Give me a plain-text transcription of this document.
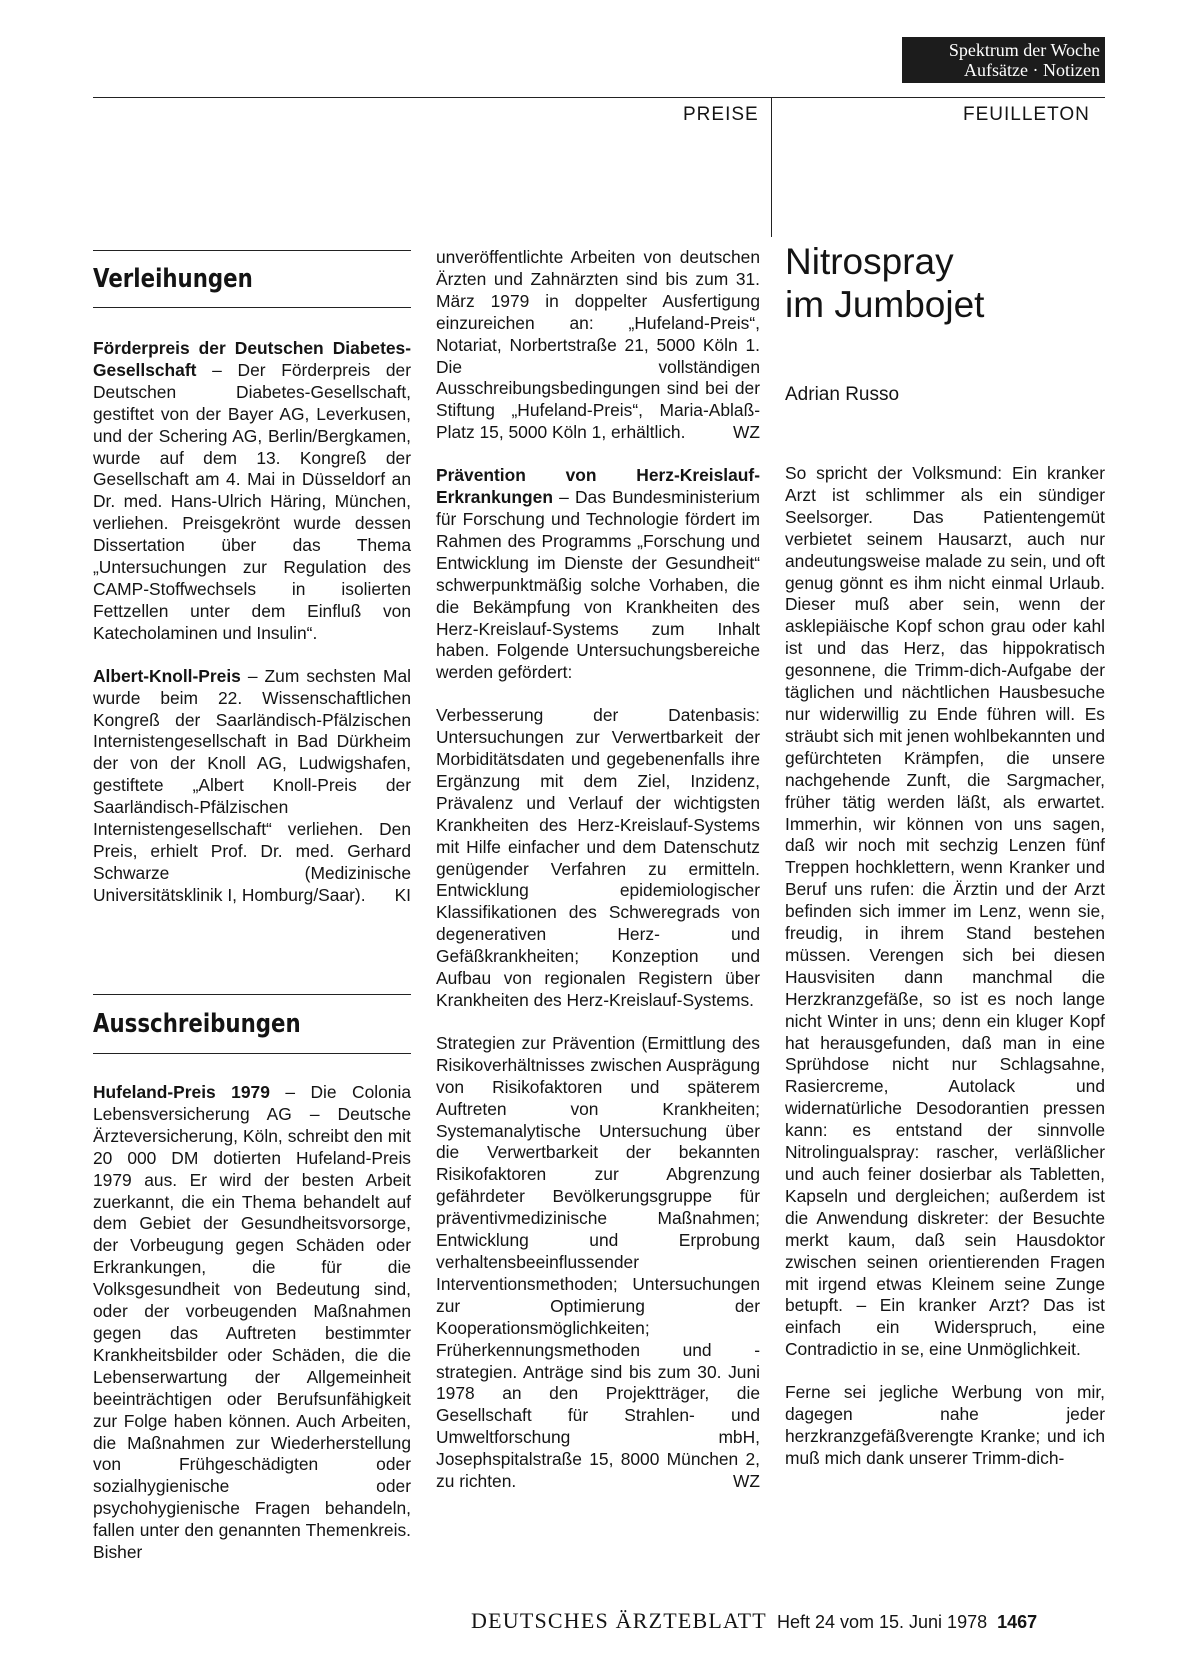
Spektrum der Woche
Aufsätze · Notizen
PREISE	FEUILLETON
Verleihungen

Förderpreis der Deutschen Diabetes-Gesellschaft – Der Förderpreis der Deutschen Diabetes-Gesellschaft, gestiftet von der Bayer AG, Leverkusen, und der Schering AG, Berlin/Bergkamen, wurde auf dem 13. Kongreß der Gesellschaft am 4. Mai in Düsseldorf an Dr. med. Hans-Ulrich Häring, München, verliehen. Preisgekrönt wurde dessen Dissertation über das Thema „Untersuchungen zur Regulation des CAMP-Stoffwechsels in isolierten Fettzellen unter dem Einfluß von Katecholaminen und Insulin“.

Albert-Knoll-Preis – Zum sechsten Mal wurde beim 22. Wissenschaftlichen Kongreß der Saarländisch-Pfälzischen Internistengesellschaft in Bad Dürkheim der von der Knoll AG, Ludwigshafen, gestiftete „Albert Knoll-Preis der Saarländisch-Pfälzischen Internistengesellschaft“ verliehen. Den Preis, erhielt Prof. Dr. med. Gerhard Schwarze (Medizinische Universitätsklinik I, Homburg/Saar). KI

Ausschreibungen

Hufeland-Preis 1979 – Die Colonia Lebensversicherung AG – Deutsche Ärzteversicherung, Köln, schreibt den mit 20 000 DM dotierten Hufeland-Preis 1979 aus. Er wird der besten Arbeit zuerkannt, die ein Thema behandelt auf dem Gebiet der Gesundheitsvorsorge, der Vorbeugung gegen Schäden oder Erkrankungen, die für die Volksgesundheit von Bedeutung sind, oder der vorbeugenden Maßnahmen gegen das Auftreten bestimmter Krankheitsbilder oder Schäden, die die Lebenserwartung der Allgemeinheit beeinträchtigen oder Berufsunfähigkeit zur Folge haben können. Auch Arbeiten, die Maßnahmen zur Wiederherstellung von Frühgeschädigten oder sozialhygienische oder psychohygienische Fragen behandeln, fallen unter den genannten Themenkreis. Bisher

unveröffentlichte Arbeiten von deutschen Ärzten und Zahnärzten sind bis zum 31. März 1979 in doppelter Ausfertigung einzureichen an: „Hufeland-Preis“, Notariat, Norbertstraße 21, 5000 Köln 1. Die vollständigen Ausschreibungsbedingungen sind bei der Stiftung „Hufeland-Preis“, Maria-Ablaß-Platz 15, 5000 Köln 1, erhältlich.	WZ

Prävention von Herz-Kreislauf-Erkrankungen – Das Bundesministerium für Forschung und Technologie fördert im Rahmen des Programms „Forschung und Entwicklung im Dienste der Gesundheit“ schwerpunktmäßig solche Vorhaben, die die Bekämpfung von Krankheiten des Herz-Kreislauf-Systems zum Inhalt haben. Folgende Untersuchungsbereiche werden gefördert:

Verbesserung der Datenbasis: Untersuchungen zur Verwertbarkeit der Morbiditätsdaten und gegebenenfalls ihre Ergänzung mit dem Ziel, Inzidenz, Prävalenz und Verlauf der wichtigsten Krankheiten des Herz-Kreislauf-Systems mit Hilfe einfacher und dem Datenschutz genügender Verfahren zu ermitteln. Entwicklung epidemiologischer Klassifikationen des Schweregrads von degenerativen Herz- und Gefäßkrankheiten; Konzeption und Aufbau von regionalen Registern über Krankheiten des Herz-Kreislauf-Systems.

Strategien zur Prävention (Ermittlung des Risikoverhältnisses zwischen Ausprägung von Risikofaktoren und späterem Auftreten von Krankheiten; Systemanalytische Untersuchung über die Verwertbarkeit der bekannten Risikofaktoren zur Abgrenzung gefährdeter Bevölkerungsgruppe für präventivmedizinische Maßnahmen; Entwicklung und Erprobung verhaltensbeeinflussender Interventionsmethoden; Untersuchungen zur Optimierung der Kooperationsmöglichkeiten; Früherkennungsmethoden und -strategien. Anträge sind bis zum 30. Juni 1978 an den Projektträger, die Gesellschaft für Strahlen- und Umweltforschung mbH, Josephspitalstraße 15, 8000 München 2, zu richten.	WZ

Nitrospray
im Jumbojet
Adrian Russo

So spricht der Volksmund: Ein kranker Arzt ist schlimmer als ein sündiger Seelsorger. Das Patientengemüt verbietet seinem Hausarzt, auch nur andeutungsweise malade zu sein, und oft genug gönnt es ihm nicht einmal Urlaub. Dieser muß aber sein, wenn der asklepiäische Kopf schon grau oder kahl ist und das Herz, das hippokratisch gesonnene, die Trimm-dich-Aufgabe der täglichen und nächtlichen Hausbesuche nur widerwillig zu Ende führen will. Es sträubt sich mit jenen wohlbekannten und gefürchteten Krämpfen, die unsere nachgehende Zunft, die Sargmacher, früher tätig werden läßt, als erwartet. Immerhin, wir können von uns sagen, daß wir noch mit sechzig Lenzen fünf Treppen hochklettern, wenn Kranker und Beruf uns rufen: die Ärztin und der Arzt befinden sich immer im Lenz, wenn sie, freudig, in ihrem Stand bestehen müssen. Verengen sich bei diesen Hausvisiten dann manchmal die Herzkranzgefäße, so ist es noch lange nicht Winter in uns; denn ein kluger Kopf hat herausgefunden, daß man in eine Sprühdose nicht nur Schlagsahne, Rasiercreme, Autolack und widernatürliche Desodorantien pressen kann: es entstand der sinnvolle Nitrolingualspray: rascher, verläßlicher und auch feiner dosierbar als Tabletten, Kapseln und dergleichen; außerdem ist die Anwendung diskreter: der Besuchte merkt kaum, daß sein Hausdoktor zwischen seinen orientierenden Fragen mit irgend etwas Kleinem seine Zunge betupft. – Ein kranker Arzt? Das ist einfach ein Widerspruch, eine Contradictio in se, eine Unmöglichkeit.

Ferne sei jegliche Werbung von mir, dagegen nahe jeder herzkranzgefäßverengte Kranke; und ich muß mich dank unserer Trimm-dich-

DEUTSCHES ÄRZTEBLATT Heft 24 vom 15. Juni 1978 1467
